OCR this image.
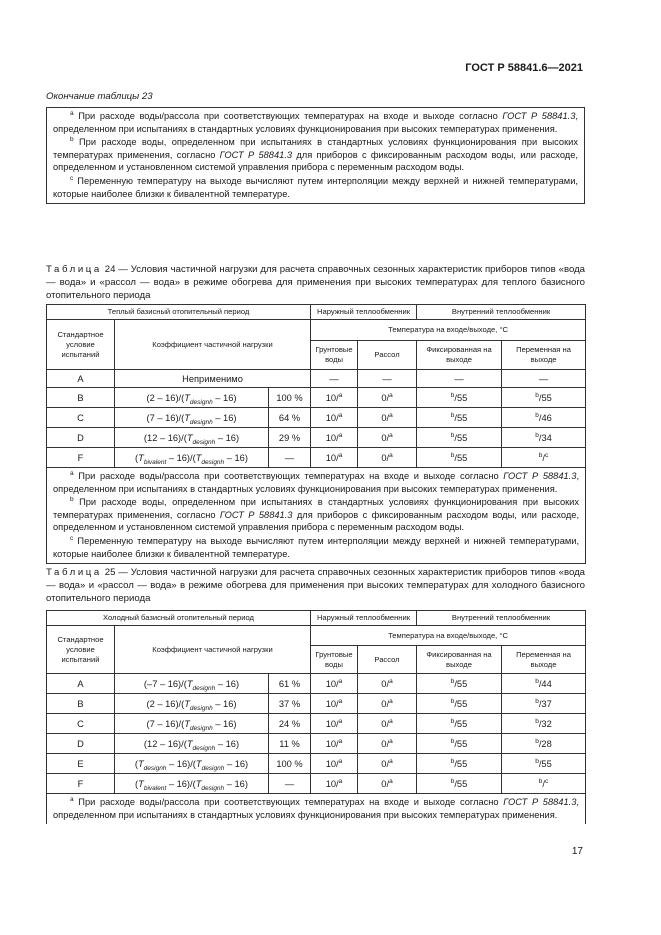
ГОСТ Р 58841.6—2021
Окончание таблицы 23

$^a$ При расходе воды/рассола при соответствующих температурах на входе и выходе согласно ГОСТ Р 58841.3, определенном при испытаниях в стандартных условиях функционирования при высоких температурах применения.

$^b$ При расходе воды, определенном при испытаниях в стандартных условиях функционирования при высоких температурах применения, согласно ГОСТ Р 58841.3 для приборов с фиксированным расходом воды, или расходе, определенном и установленном системой управления прибора с переменным расходом воды.

$^c$ Переменную температуру на выходе вычисляют путем интерполяции между верхней и нижней температурами, которые наиболее близки к бивалентной температуре.

Таблица 24 — Условия частичной нагрузки для расчета справочных сезонных характеристик приборов типов «вода — вода» и «рассол — вода» в режиме обогрева для применения при высоких температурах для теплого базисного отопительного периода
Теплый базисный отопительный период			Наружный теплообменник		Внутренний теплообменник	
Стандартное условие испытаний	Коэффициент частичной нагрузки		Температура на входе/выходе, °С			
			Грунтовые воды	Рассол	Фиксированная на выходе	Переменная на выходе
А	Неприменимо		—	—	—	—
В	$(2 - 16)/(T_{designh} - 16)$	100 %	10/$^a$	0/$^a$	$^b$/55	$^b$/55
С	$(7 - 16)/(T_{designh} - 16)$	64 %	10/$^a$	0/$^a$	$^b$/55	$^b$/46
D	$(12 - 16)/(T_{designh} - 16)$	29 %	10/$^a$	0/$^a$	$^b$/55	$^b$/34
F	$(T_{bivalent} - 16)/(T_{designh} - 16)$	—	10/$^a$	0/$^a$	$^b$/55	$^b$/$^c$

$^a$ При расходе воды/рассола при соответствующих температурах на входе и выходе согласно ГОСТ Р 58841.3, определенном при испытаниях в стандартных условиях функционирования при высоких температурах применения.

$^b$ При расходе воды, определенном при испытаниях в стандартных условиях функционирования при высоких температурах применения, согласно ГОСТ Р 58841.3 для приборов с фиксированным расходом воды, или расходе, определенном и установленном системой управления прибора с переменным расходом воды.

$^c$ Переменную температуру на выходе вычисляют путем интерполяции между верхней и нижней температурами, которые наиболее близки к бивалентной температуре.						

Таблица 25 — Условия частичной нагрузки для расчета справочных сезонных характеристик приборов типов «вода — вода» и «рассол — вода» в режиме обогрева для применения при высоких температурах для холодного базисного отопительного периода
Холодный базисный отопительный период			Наружный теплообменник		Внутренний теплообменник	
Стандартное условие испытаний	Коэффициент частичной нагрузки		Температура на входе/выходе, °С			
			Грунтовые воды	Рассол	Фиксированная на выходе	Переменная на выходе
А	$(-7 - 16)/(T_{designh} - 16)$	61 %	10/$^a$	0/$^a$	$^b$/55	$^b$/44
В	$(2 - 16)/(T_{designh} - 16)$	37 %	10/$^a$	0/$^a$	$^b$/55	$^b$/37
С	$(7 - 16)/(T_{designh} - 16)$	24 %	10/$^a$	0/$^a$	$^b$/55	$^b$/32
D	$(12 - 16)/(T_{designh} - 16)$	11 %	10/$^a$	0/$^a$	$^b$/55	$^b$/28
E	$(T_{designh} - 16)/(T_{designh} - 16)$	100 %	10/$^a$	0/$^a$	$^b$/55	$^b$/55
F	$(T_{bivalent} - 16)/(T_{designh} - 16)$	—	10/$^a$	0/$^a$	$^b$/55	$^b$/$^c$

$^a$ При расходе воды/рассола при соответствующих температурах на входе и выходе согласно ГОСТ Р 58841.3, определенном при испытаниях в стандартных условиях функционирования при высоких температурах применения.						

17
